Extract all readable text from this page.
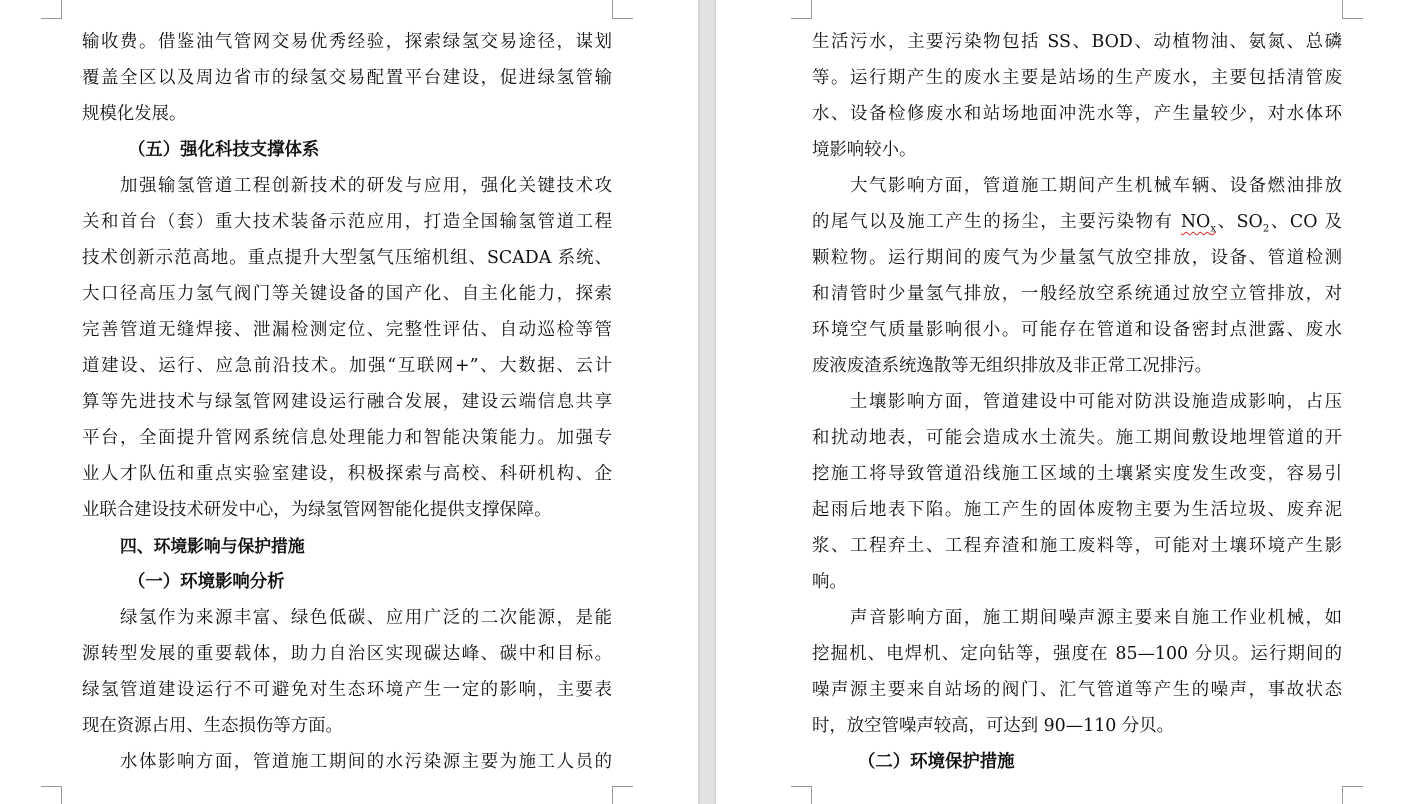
输收费。借鉴油气管网交易优秀经验，探索绿氢交易途径，谋划
覆盖全区以及周边省市的绿氢交易配置平台建设，促进绿氢管输
规模化发展。
（五）强化科技支撑体系
加强输氢管道工程创新技术的研发与应用，强化关键技术攻
关和首台（套）重大技术装备示范应用，打造全国输氢管道工程
技术创新示范高地。重点提升大型氢气压缩机组、SCADA 系统、
大口径高压力氢气阀门等关键设备的国产化、自主化能力，探索
完善管道无缝焊接、泄漏检测定位、完整性评估、自动巡检等管
道建设、运行、应急前沿技术。加强“互联网+”、大数据、云计
算等先进技术与绿氢管网建设运行融合发展，建设云端信息共享
平台，全面提升管网系统信息处理能力和智能决策能力。加强专
业人才队伍和重点实验室建设，积极探索与高校、科研机构、企
业联合建设技术研发中心，为绿氢管网智能化提供支撑保障。
四、环境影响与保护措施
（一）环境影响分析
绿氢作为来源丰富、绿色低碳、应用广泛的二次能源，是能
源转型发展的重要载体，助力自治区实现碳达峰、碳中和目标。
绿氢管道建设运行不可避免对生态环境产生一定的影响，主要表
现在资源占用、生态损伤等方面。
水体影响方面，管道施工期间的水污染源主要为施工人员的
生活污水，主要污染物包括 SS、BOD、动植物油、氨氮、总磷
等。运行期产生的废水主要是站场的生产废水，主要包括清管废
水、设备检修废水和站场地面冲洗水等，产生量较少，对水体环
境影响较小。
大气影响方面，管道施工期间产生机械车辆、设备燃油排放
的尾气以及施工产生的扬尘，主要污染物有 $NO_x$、$SO_2$、CO 及
颗粒物。运行期间的废气为少量氢气放空排放，设备、管道检测
和清管时少量氢气排放，一般经放空系统通过放空立管排放，对
环境空气质量影响很小。可能存在管道和设备密封点泄露、废水
废液废渣系统逸散等无组织排放及非正常工况排污。
土壤影响方面，管道建设中可能对防洪设施造成影响，占压
和扰动地表，可能会造成水土流失。施工期间敷设地埋管道的开
挖施工将导致管道沿线施工区域的土壤紧实度发生改变，容易引
起雨后地表下陷。施工产生的固体废物主要为生活垃圾、废弃泥
浆、工程弃土、工程弃渣和施工废料等，可能对土壤环境产生影
响。
声音影响方面，施工期间噪声源主要来自施工作业机械，如
挖掘机、电焊机、定向钻等，强度在 85—100 分贝。运行期间的
噪声源主要来自站场的阀门、汇气管道等产生的噪声，事故状态
时，放空管噪声较高，可达到 90—110 分贝。
（二）环境保护措施
